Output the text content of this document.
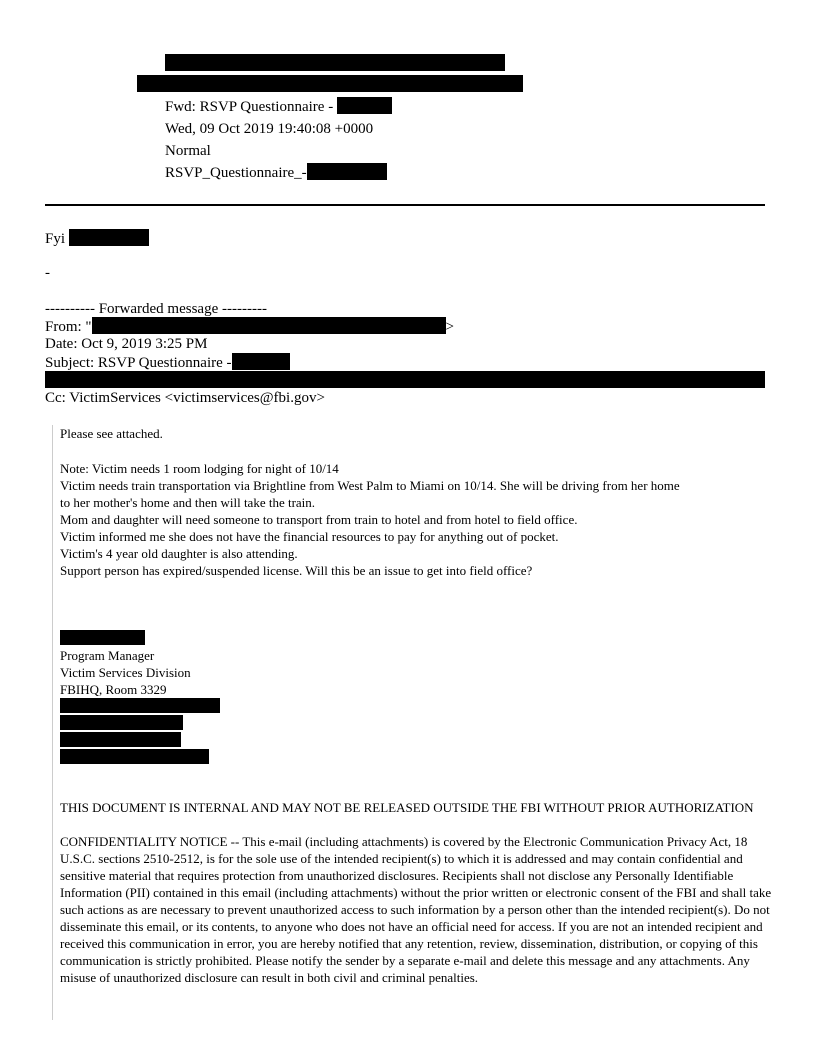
Fwd: RSVP Questionnaire -
Wed, 09 Oct 2019 19:40:08 +0000
Normal
RSVP_Questionnaire_-
Fyi
-
---------- Forwarded message ---------
From: "	>
Date: Oct 9, 2019 3:25 PM
Subject: RSVP Questionnaire -
Cc: VictimServices <victimservices@fbi.gov>
Please see attached.
Note: Victim needs 1 room lodging for night of 10/14
Victim needs train transportation via Brightline from West Palm to Miami on 10/14. She will be driving from her home
to her mother's home and then will take the train.
Mom and daughter will need someone to transport from train to hotel and from hotel to field office.
Victim informed me she does not have the financial resources to pay for anything out of pocket.
Victim's 4 year old daughter is also attending.
Support person has expired/suspended license. Will this be an issue to get into field office?
Program Manager
Victim Services Division
FBIHQ, Room 3329
THIS DOCUMENT IS INTERNAL AND MAY NOT BE RELEASED OUTSIDE THE FBI WITHOUT PRIOR AUTHORIZATION
CONFIDENTIALITY NOTICE -- This e-mail (including attachments) is covered by the Electronic Communication Privacy Act, 18 U.S.C. sections 2510-2512, is for the sole use of the intended recipient(s) to which it is addressed and may contain confidential and sensitive material that requires protection from unauthorized disclosures. Recipients shall not disclose any Personally Identifiable Information (PII) contained in this email (including attachments) without the prior written or electronic consent of the FBI and shall take such actions as are necessary to prevent unauthorized access to such information by a person other than the intended recipient(s). Do not disseminate this email, or its contents, to anyone who does not have an official need for access. If you are not an intended recipient and received this communication in error, you are hereby notified that any retention, review, dissemination, distribution, or copying of this communication is strictly prohibited. Please notify the sender by a separate e-mail and delete this message and any attachments. Any misuse of unauthorized disclosure can result in both civil and criminal penalties.
